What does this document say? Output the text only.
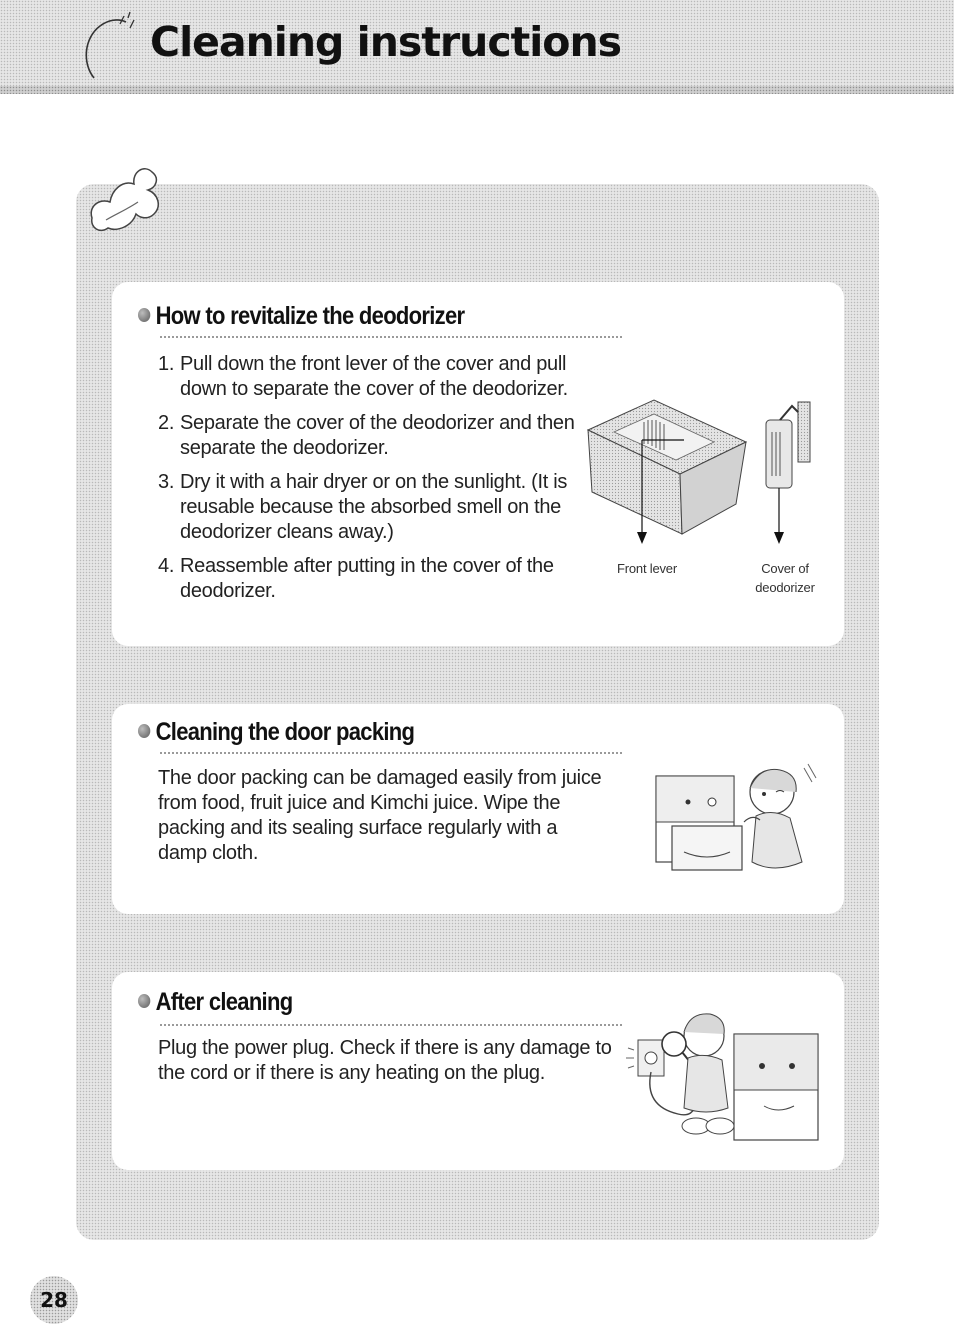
Cleaning instructions
How to revitalize the deodorizer
1. Pull down the front lever of the cover and pull down to separate the cover of the deodorizer.
2. Separate the cover of the deodorizer and then separate the deodorizer.
3. Dry it with a hair dryer or on the sunlight. (It is reusable because the absorbed smell on the deodorizer cleans away.)
4. Reassemble after putting in the cover of the deodorizer.
Front lever	Cover of
deodorizer
Cleaning the door packing

The door packing can be damaged easily from juice from food, fruit juice and Kimchi juice. Wipe the packing and its sealing surface regularly with a damp cloth.

After cleaning

Plug the power plug. Check if there is any damage to the cord or if there is any heating on the plug.

28
